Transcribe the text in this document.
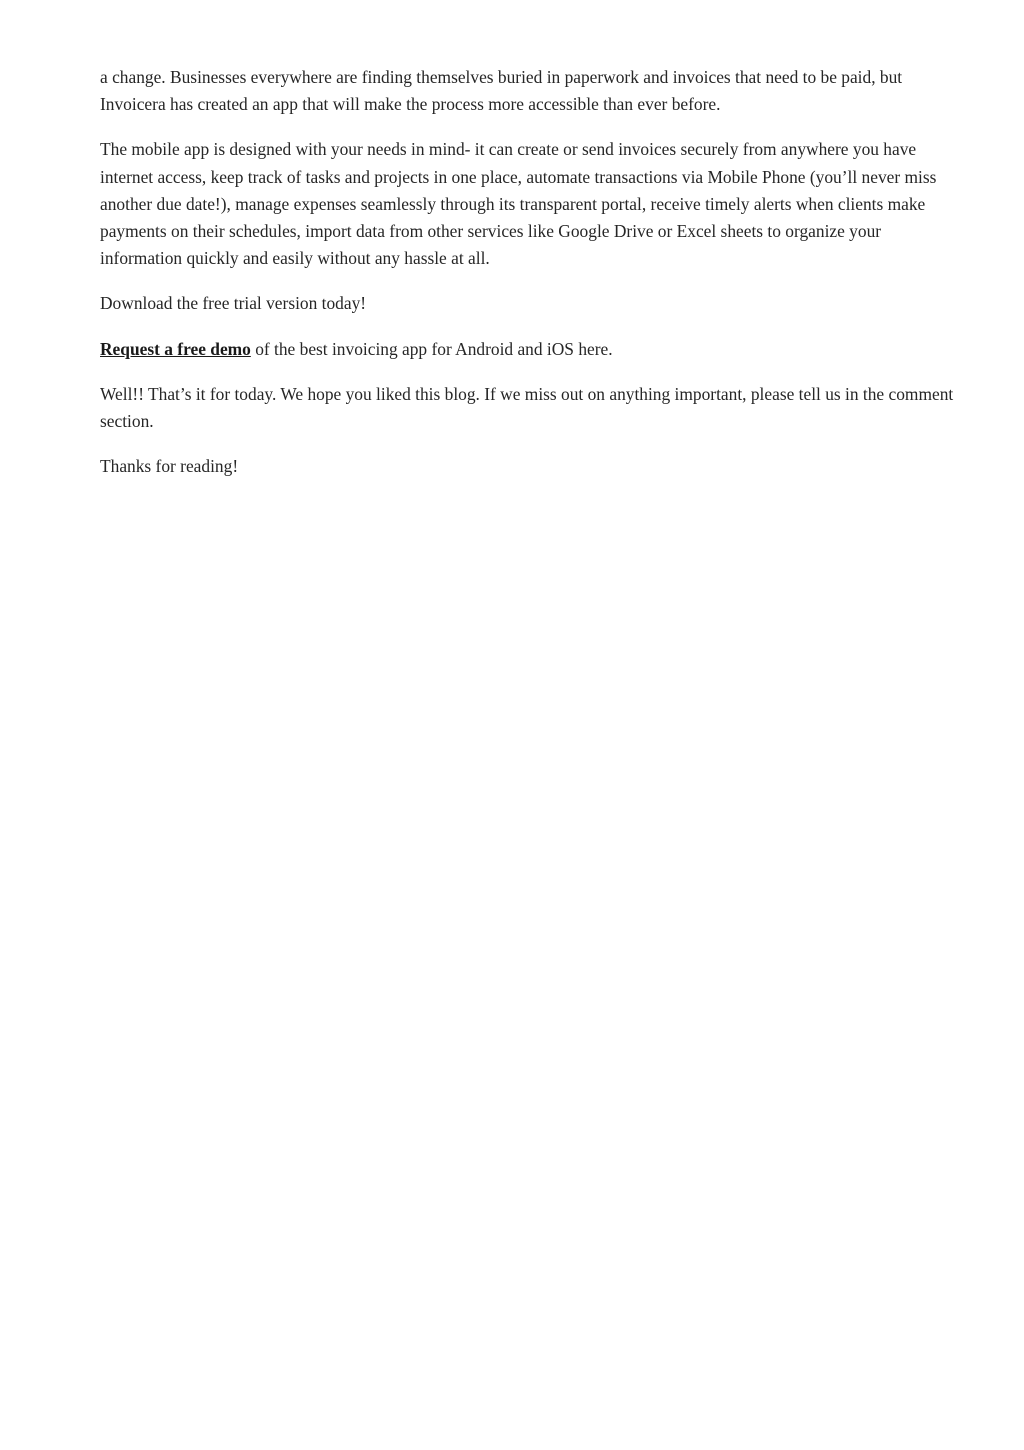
a change. Businesses everywhere are finding themselves buried in paperwork and invoices that need to be paid, but Invoicera has created an app that will make the process more accessible than ever before.

The mobile app is designed with your needs in mind- it can create or send invoices securely from anywhere you have internet access, keep track of tasks and projects in one place, automate transactions via Mobile Phone (you’ll never miss another due date!), manage expenses seamlessly through its transparent portal, receive timely alerts when clients make payments on their schedules, import data from other services like Google Drive or Excel sheets to organize your information quickly and easily without any hassle at all.

Download the free trial version today!

Request a free demo of the best invoicing app for Android and iOS here.

Well!! That’s it for today. We hope you liked this blog. If we miss out on anything important, please tell us in the comment section.

Thanks for reading!
